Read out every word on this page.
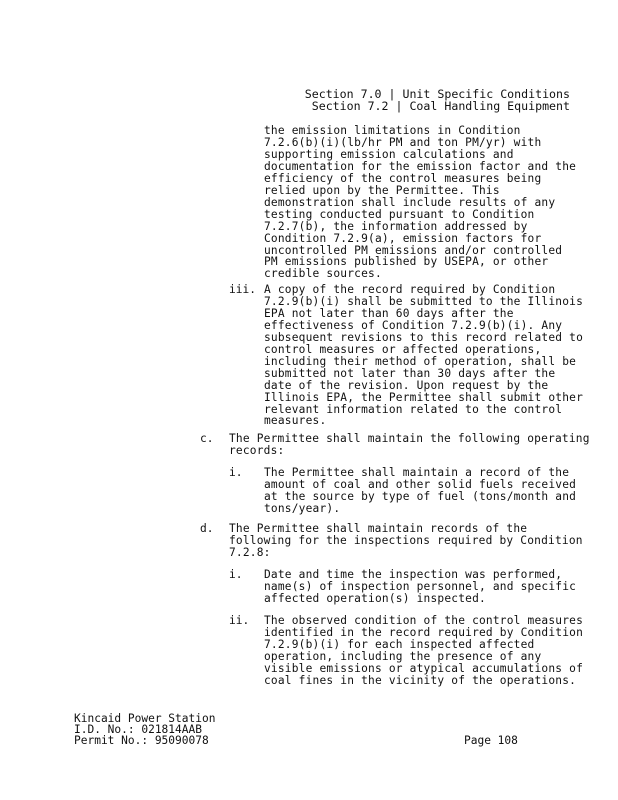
Section 7.0 | Unit Specific Conditions
Section 7.2 | Coal Handling Equipment
the emission limitations in Condition
7.2.6(b)(i)(lb/hr PM and ton PM/yr) with
supporting emission calculations and
documentation for the emission factor and the
efficiency of the control measures being
relied upon by the Permittee. This
demonstration shall include results of any
testing conducted pursuant to Condition
7.2.7(b), the information addressed by
Condition 7.2.9(a), emission factors for
uncontrolled PM emissions and/or controlled
PM emissions published by USEPA, or other
credible sources.
iii. A copy of the record required by Condition
7.2.9(b)(i) shall be submitted to the Illinois
EPA not later than 60 days after the
effectiveness of Condition 7.2.9(b)(i). Any
subsequent revisions to this record related to
control measures or affected operations,
including their method of operation, shall be
submitted not later than 30 days after the
date of the revision. Upon request by the
Illinois EPA, the Permittee shall submit other
relevant information related to the control
measures.
c. The Permittee shall maintain the following operating
records:
i. The Permittee shall maintain a record of the
amount of coal and other solid fuels received
at the source by type of fuel (tons/month and
tons/year).
d. The Permittee shall maintain records of the
following for the inspections required by Condition
7.2.8:
i. Date and time the inspection was performed,
name(s) of inspection personnel, and specific
affected operation(s) inspected.
ii. The observed condition of the control measures
identified in the record required by Condition
7.2.9(b)(i) for each inspected affected
operation, including the presence of any
visible emissions or atypical accumulations of
coal fines in the vicinity of the operations.
Kincaid Power Station
I.D. No.: 021814AAB
Permit No.: 95090078	Page 108
